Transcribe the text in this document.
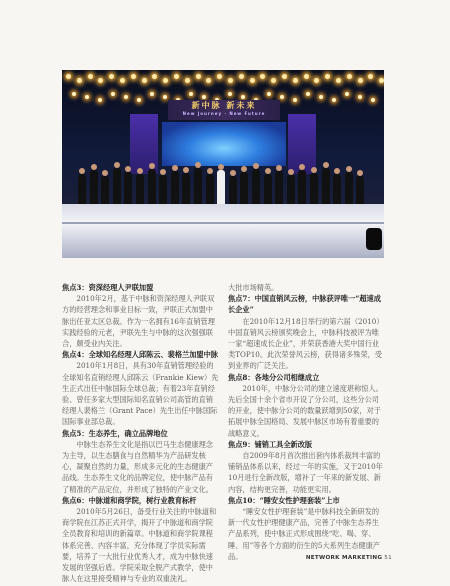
新中脉 新未来
New Journey · New Future
焦点3：资深经理人尹联加盟

2010年2月，基于中脉和资深经理人尹联双方的经营理念和事业目标一致，尹联正式加盟中脉出任亚太区总裁。作为一名拥有16年直销管理实践经验的元老，尹联先生与中脉的这次强强联合，颇受业内关注。

焦点4：全球知名经理人邱陈云、裴格兰加盟中脉

2010年1月8日，具有30年直销管理经验的全球知名直销经理人邱陈云（Frankie Kiew）先生正式出任中脉国际全球总裁；有着23年直销经验、曾任多家大型国际知名直销公司高管的直销经理人裴格兰（Grant Pace）先生出任中脉国际国际事业部总裁。

焦点5：生态养生，确立品牌地位

中脉生态养生文化是指以巴马生态健康理念为主导，以生态膳食与自然精华为产品研发核心，凝聚自然的力量，形成多元化的生态健康产品线。生态养生文化的品牌定位，使中脉产品有了精准的产品定位，并形成了独特的产业文化。

焦点6：中脉道和商学院，树行业教育标杆

2010年5月26日，备受行业关注的中脉道和商学院在江苏正式开学，揭开了中脉道和商学院全员教育和培训的新篇章。中脉道和商学院课程体系完善、内容丰富，充分体现了学员实际需要，培养了一大批行业优秀人才，成为中脉快速发展的坚强后盾。学院采取全脱产式教学，使中脉人在这里接受精神与专业的双重洗礼。

大批市场精英。

焦点7：中国直销风云榜，中脉获评唯一“超速成长企业”

在2010年12月18日举行的第六届（2010）中国直销风云榜颁奖晚会上，中脉科技被评为唯一家“超速成长企业”，并荣获香港大奖中国行业类TOP10。此次荣誉风云榜，获得诸多殊荣，受到业界的广泛关注。

焦点8：各地分公司相继成立

2010年，中脉分公司的建立速度堪称惊人。先后全国十余个省市开设了分公司，这些分公司的开业，使中脉分公司的数量跃增到50家，对于拓展中脉全国格局、发展中脉区市场有着重要的战略意义。

焦点9：铺销工具全新改版

自2009年8月首次推出套内体系裁判丰富的铺销品体系以来，经过一年的实施，又于2010年10月进行全新改版，增补了一年来的新发展、新内容，结构更完善，功能更实用。

焦点10：“睡安女性护理套装”上市

“睡安女性护理套装”是中脉科技全新研发的新一代女性护理健康产品，完善了中脉生态养生产品系列，使中脉正式形成围绕“吃、喝、穿、睡、用”等各个方面的衍生的5大系列生态健康产品。	NETWORK MARKETING 51
